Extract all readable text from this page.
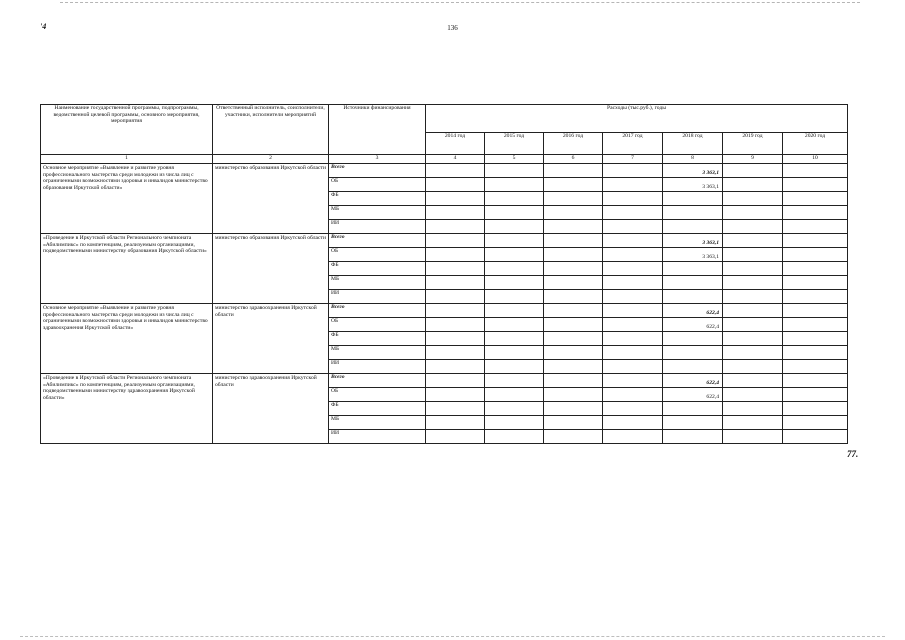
'4	136
Наименование государственной программы, подпрограммы, ведомственной целевой программы, основного мероприятия, мероприятия	Ответственный исполнитель, соисполнители, участники, исполнители мероприятий	Источники финансирования	Расходы (тыс.руб.), годы						
			2014 год	2015 год	2016 год	2017 год	2018 год	2019 год	2020 год
1	2	3	4	5	6	7	8	9	10
Основное мероприятие «Выявление и развитие уровня профессионального мастерства среди молодежи из числа лиц с ограниченными возможностями здоровья и инвалидов министерство образования Иркутской области»	министерство образования Иркутской области	Всего					3 363,1		
		ОБ					3 363,1		
		ФБ							
		МБ							
		ИИ							
«Проведение в Иркутской области Регионального чемпионата «Абилимпикс» по компетенциям, реализуемым организациями, подведомственными министерству образования Иркутской области»	министерство образования Иркутской области	Всего					3 363,1		
		ОБ					3 363,1		
		ФБ							
		МБ							
		ИИ							
Основное мероприятие «Выявление и развитие уровня профессионального мастерства среди молодежи из числа лиц с ограниченными возможностями здоровья и инвалидов министерство здравоохранения Иркутской области»	министерство здравоохранения Иркутской области	Всего					622,4		
		ОБ					622,4		
		ФБ							
		МБ							
		ИИ							
«Проведение в Иркутской области Регионального чемпионата «Абилимпикс» по компетенциям, реализуемым организациями, подведомственными министерству здравоохранения Иркутской области»	министерство здравоохранения Иркутской области	Всего					622,4		
		ОБ					622,4		
		ФБ							
		МБ							
		ИИ							
77.
